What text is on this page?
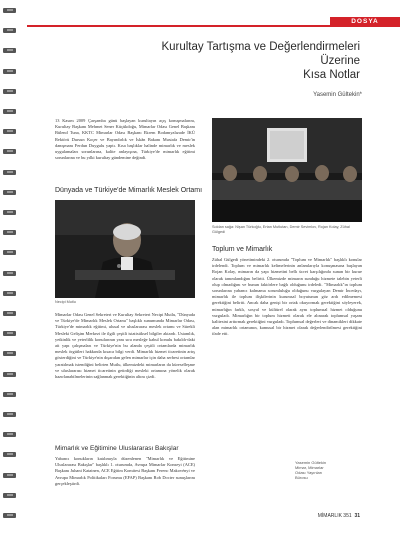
DOSYA
Kurultay Tartışma ve Değerlendirmeleri Üzerine
Kısa Notlar
Yasemin Gültekin*

13 Kasım 2009 Çarşamba günü başlayan kurultayın açış konuşmalarını, Kurultay Başkanı Mehmet Sener Küçükdoğu, Mimarlar Odası Genel Başkanı Bülend Tuna, KKTC Mimarlar Odası Başkanı Ekrem Bodamyalızade İKÜ Rektörü Dursun Koçer ve Bayındırlık ve İskân Bakanı Mustafa Demir'in danışmanı Ferdun Duygulu yaptı. Kısa başlıklar halinde mimarlık ve meslek uygulamaları sorunlarına, kalite anlayışına, Türkiye'de mimarlık eğitimi sorunlarına ve bu yılki kurultay gündemine değindi.

Dünyada ve Türkiye'de Mimarlık Meslek Ortamı
Necipi Mutlu

Mimarlar Odası Genel Sekreteri ve Kurultay Sekreteri Necipi Mutlu, "Dünyada ve Türkiye'de Mimarlık Meslek Ortamı" başlıklı sunumunda Mimarlar Odası, Türkiye'de mimarlık eğitimi, ulusal ve uluslararası meslek ortamı ve Sürekli Mesleki Gelişim Merkezi ile ilgili çeşitli istatistiksel bilgiler aktardı. Ustamlık, yetkinlik ve yeterlilik konularının yanı sıra mesleğe kabul konulu bakıldı-daki ait yapı çalışmaları ve Türkiye'nin bu alanda çeşitli ortamlarda mimarlık meslek örgütleri hakkında kısaca bilgi verdi. Mimarlık hizmet ticaretinin artış gösterdiğini ve Türkiye'nin dışarıdan gelen mimarlar için daha serbest ortamlar yaratılmak istendiğini belirten Mutlu, ülkemizdeki mimarların da küreselleşme ve uluslararası hizmet ticaretinin getirdiği mesleki ortamına yönelik olarak hazırlanabilmelerinin sağlanmak gerektiğinin altını çizdi.

Mimarlık ve Eğitimine Uluslararası Bakışlar

Yabancı konukların katılımıyla düzenlenen "Mimarlık ve Eğitimine Uluslararası Bakışlar" başlıklı 1. oturumda, Avrupa Mimarlar Konseyi (ACE) Başkanı Juhani Katainen, ACE Eğitim Komitesi Başkanı Ferenc Makovényi ve Avrupa Mimarlık Politikaları Forumu (EFAP) Başkanı Rob Docter sunuşlarını gerçekleştirdi.

Soldan sağa: Nişan Türkoğlu, Ertan Mutlutan, Demir Sevimlov, Rojan Kolay, Zühal Gülgedi
Toplum ve Mimarlık

Zühal Gülgedi yönetimindeki 2. oturumda "Toplum ve Mimarlık" başlıklı konular irdelendi. Toplum ve mimarlık kelimelerinin anlamlarıyla konuşmasına başlayan Rojan Kolay, mimarın da yapı hizmetini bellı ücret karşılığında sunan bir kurue olarak tanımlandığını belirtti. Ülkemizde mimarın sunduğu hizmete talebin yeterli olup olmadığını ve bunun faktörlere bağlı olduğunu irdeledi. "Mimarlık"ın toplum sorunlarına yabancı kalmama sorumluluğu olduğunu vurgulayan Demir İncedayı, mimarlık ile toplum ilişkilerinin kurumsal boyutunun göz ardı edilmemesi gerektiğini belirtti. Ancak daha genişi bir ortak okuyormak gerektiğini söyleyerek, mimarlığın farklı, sosyal ve kültürel olarak aynı toplumsal hizmet olduğunu vurguladı. Mimarlığın bir toplum hizmeti olarak ele alınarak toplumsal yaşam kalitesini arttırmak gerektiğini vurguladı. Toplumsal değerleri ve dinamikleri dikkate alan mimarlık ortamının, kamusal bir hizmet olarak değerlendirilmesi gerektiğini ifade etti.

Yasemin Gültekin Mimar, Mimarlar Odası Yayınları Bürosu
MİMARLIK 351 31
